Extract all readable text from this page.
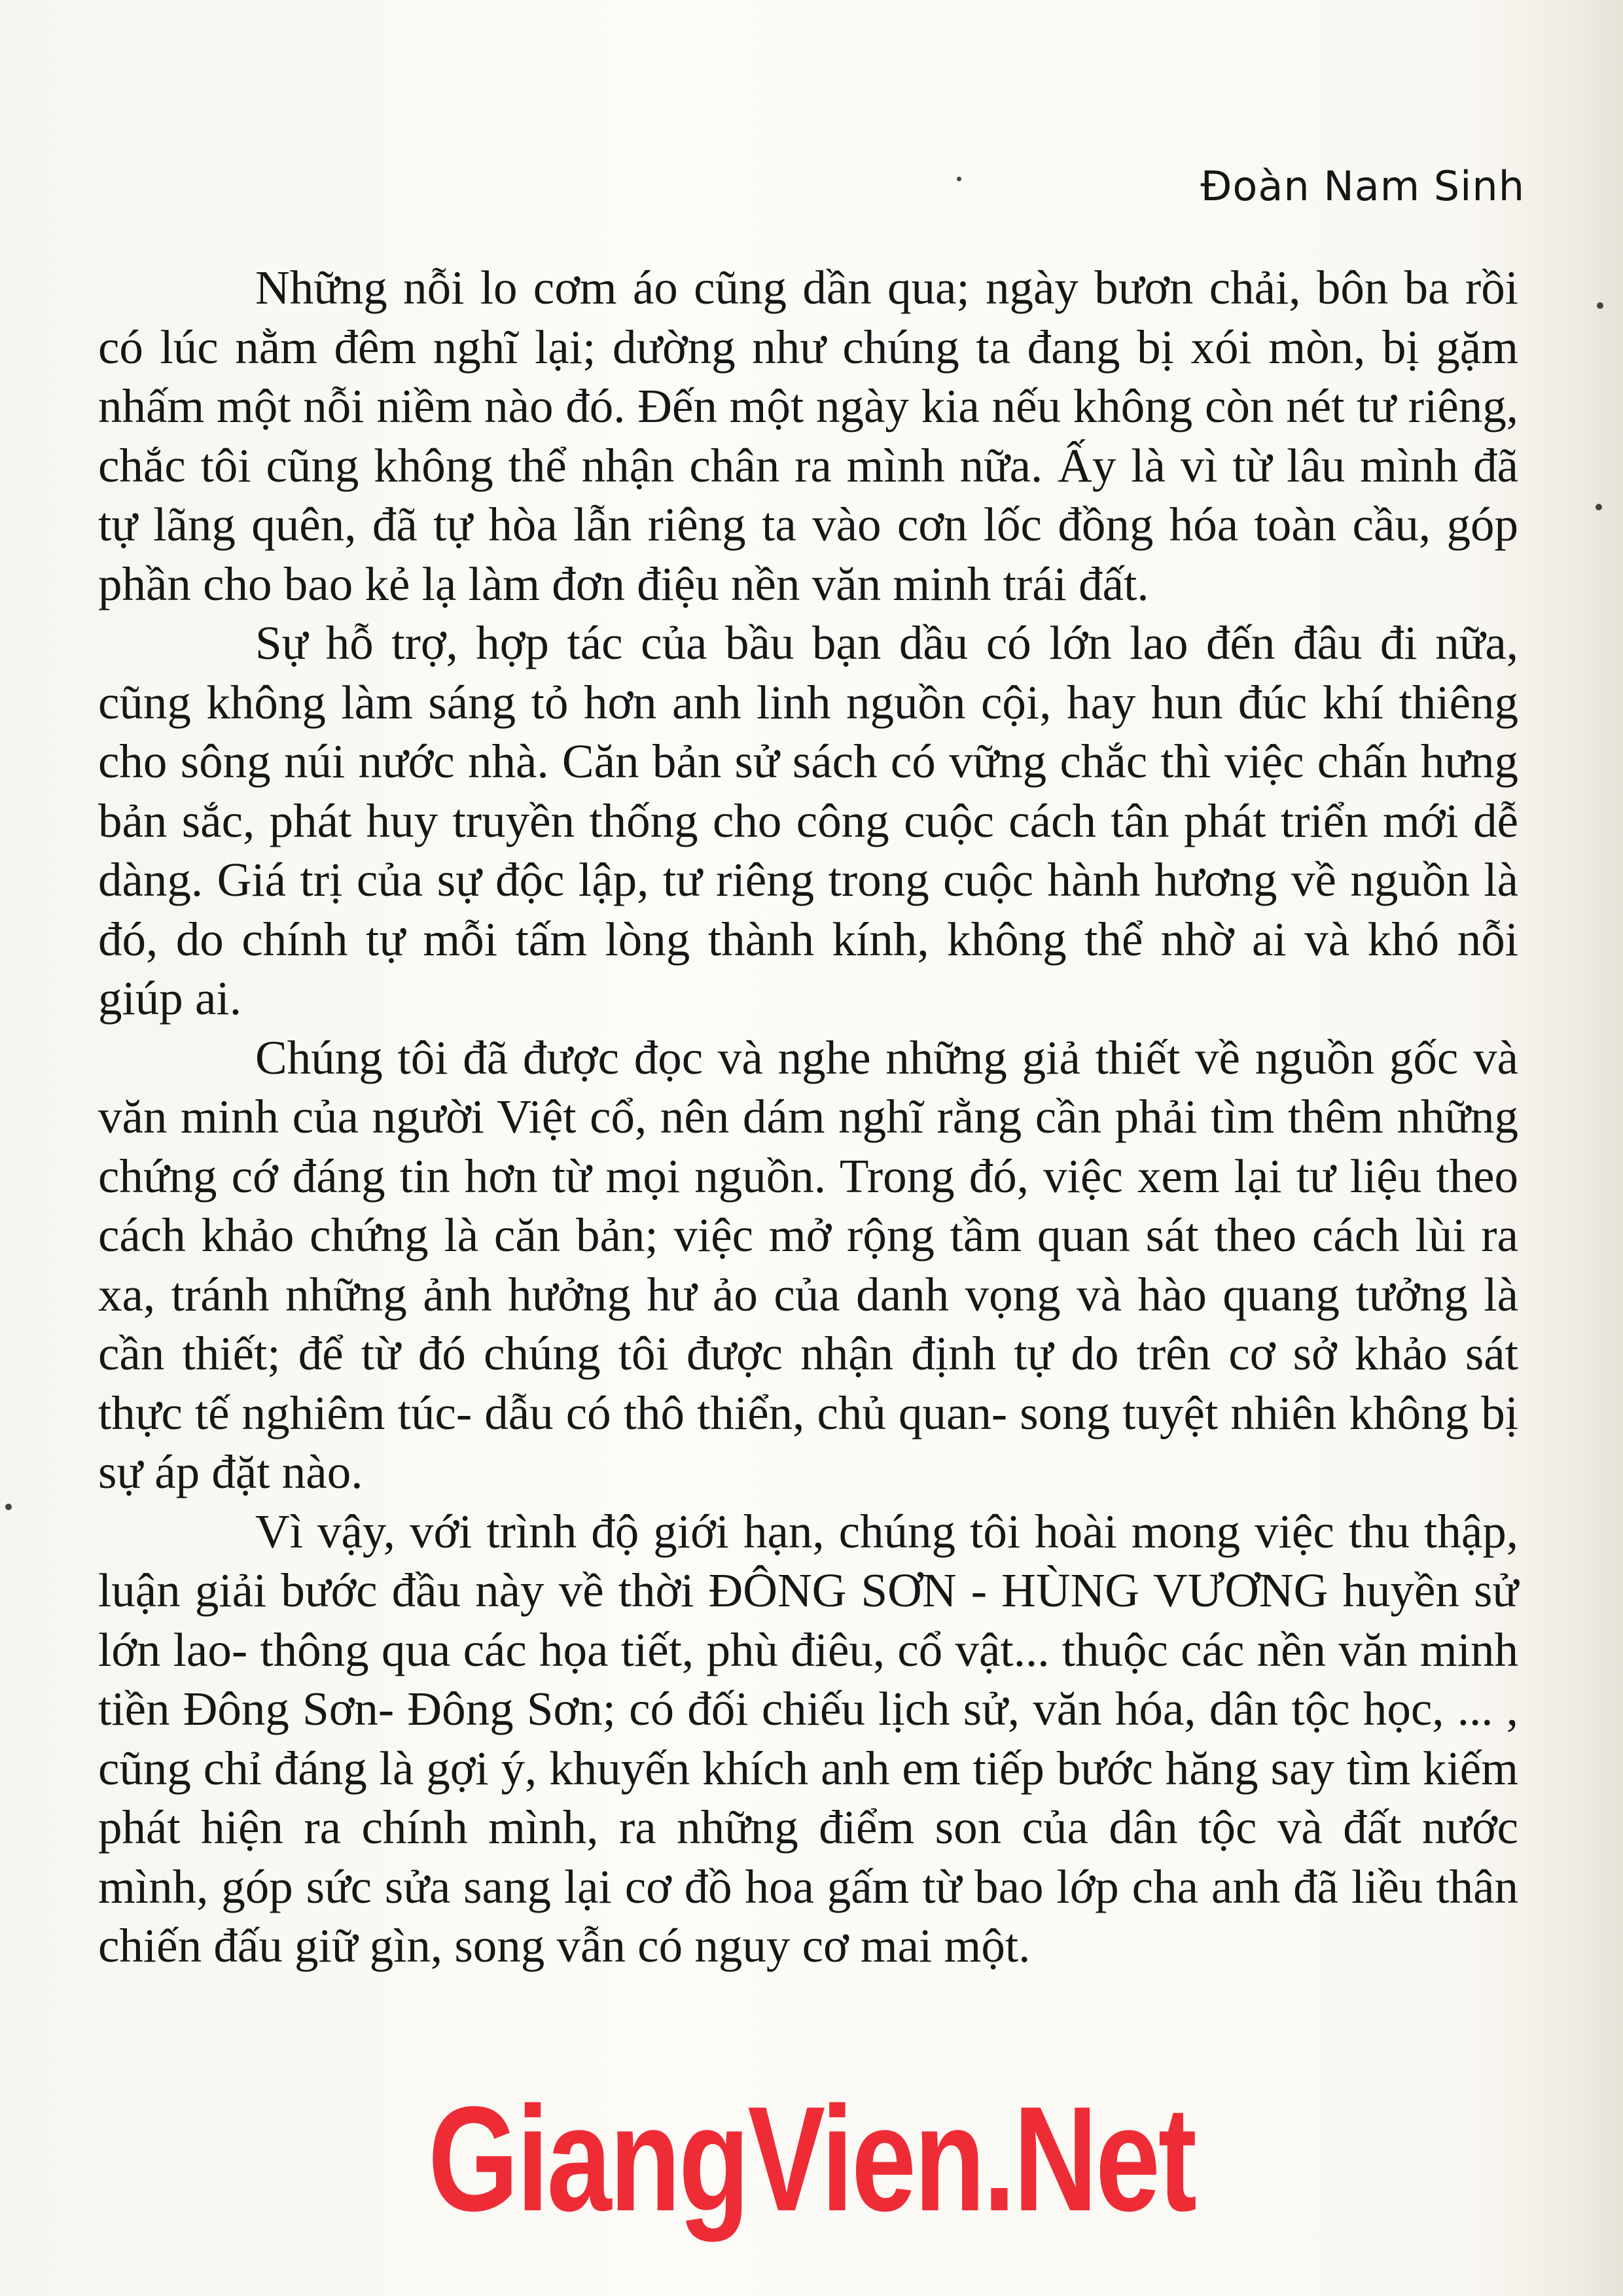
Đoàn Nam Sinh

Những nỗi lo cơm áo cũng dần qua; ngày bươn chải, bôn ba rồi có lúc nằm đêm nghĩ lại; dường như chúng ta đang bị xói mòn, bị gặm nhấm một nỗi niềm nào đó. Đến một ngày kia nếu không còn nét tư riêng, chắc tôi cũng không thể nhận chân ra mình nữa. Ấy là vì từ lâu mình đã tự lãng quên, đã tự hòa lẫn riêng ta vào cơn lốc đồng hóa toàn cầu, góp phần cho bao kẻ lạ làm đơn điệu nền văn minh trái đất.

Sự hỗ trợ, hợp tác của bầu bạn dầu có lớn lao đến đâu đi nữa, cũng không làm sáng tỏ hơn anh linh nguồn cội, hay hun đúc khí thiêng cho sông núi nước nhà. Căn bản sử sách có vững chắc thì việc chấn hưng bản sắc, phát huy truyền thống cho công cuộc cách tân phát triển mới dễ dàng. Giá trị của sự độc lập, tư riêng trong cuộc hành hương về nguồn là đó, do chính tự mỗi tấm lòng thành kính, không thể nhờ ai và khó nỗi giúp ai.

Chúng tôi đã được đọc và nghe những giả thiết về nguồn gốc và văn minh của người Việt cổ, nên dám nghĩ rằng cần phải tìm thêm những chứng cớ đáng tin hơn từ mọi nguồn. Trong đó, việc xem lại tư liệu theo cách khảo chứng là căn bản; việc mở rộng tầm quan sát theo cách lùi ra xa, tránh những ảnh hưởng hư ảo của danh vọng và hào quang tưởng là cần thiết; để từ đó chúng tôi được nhận định tự do trên cơ sở khảo sát thực tế nghiêm túc- dẫu có thô thiển, chủ quan- song tuyệt nhiên không bị sự áp đặt nào.

Vì vậy, với trình độ giới hạn, chúng tôi hoài mong việc thu thập, luận giải bước đầu này về thời ĐÔNG SƠN - HÙNG VƯƠNG huyền sử lớn lao- thông qua các họa tiết, phù điêu, cổ vật... thuộc các nền văn minh tiền Đông Sơn- Đông Sơn; có đối chiếu lịch sử, văn hóa, dân tộc học, ... , cũng chỉ đáng là gợi ý, khuyến khích anh em tiếp bước hăng say tìm kiếm phát hiện ra chính mình, ra những điểm son của dân tộc và đất nước mình, góp sức sửa sang lại cơ đồ hoa gấm từ bao lớp cha anh đã liều thân chiến đấu giữ gìn, song vẫn có nguy cơ mai một.

GiangVien.Net
